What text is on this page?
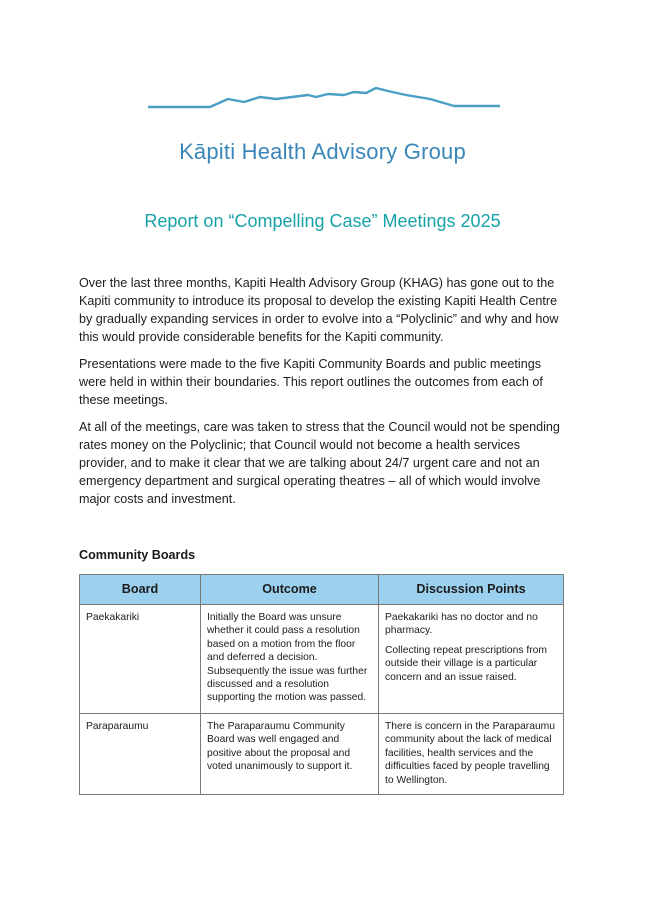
Kāpiti Health Advisory Group
Report on “Compelling Case” Meetings 2025

Over the last three months, Kapiti Health Advisory Group (KHAG) has gone out to the Kapiti community to introduce its proposal to develop the existing Kapiti Health Centre by gradually expanding services in order to evolve into a “Polyclinic” and why and how this would provide considerable benefits for the Kapiti community.

Presentations were made to the five Kapiti Community Boards and public meetings were held in within their boundaries. This report outlines the outcomes from each of these meetings.

At all of the meetings, care was taken to stress that the Council would not be spending rates money on the Polyclinic; that Council would not become a health services provider, and to make it clear that we are talking about 24/7 urgent care and not an emergency department and surgical operating theatres – all of which would involve major costs and investment.

Community Boards
Board	Outcome	Discussion Points
Paekakariki	Initially the Board was unsure whether it could pass a resolution based on a motion from the floor and deferred a decision. Subsequently the issue was further discussed and a resolution supporting the motion was passed.	Paekakariki has no doctor and no pharmacy.

Collecting repeat prescriptions from outside their village is a particular concern and an issue raised.

Paraparaumu	The Paraparaumu Community Board was well engaged and positive about the proposal and voted unanimously to support it.	There is concern in the Paraparaumu community about the lack of medical facilities, health services and the difficulties faced by people travelling to Wellington.
